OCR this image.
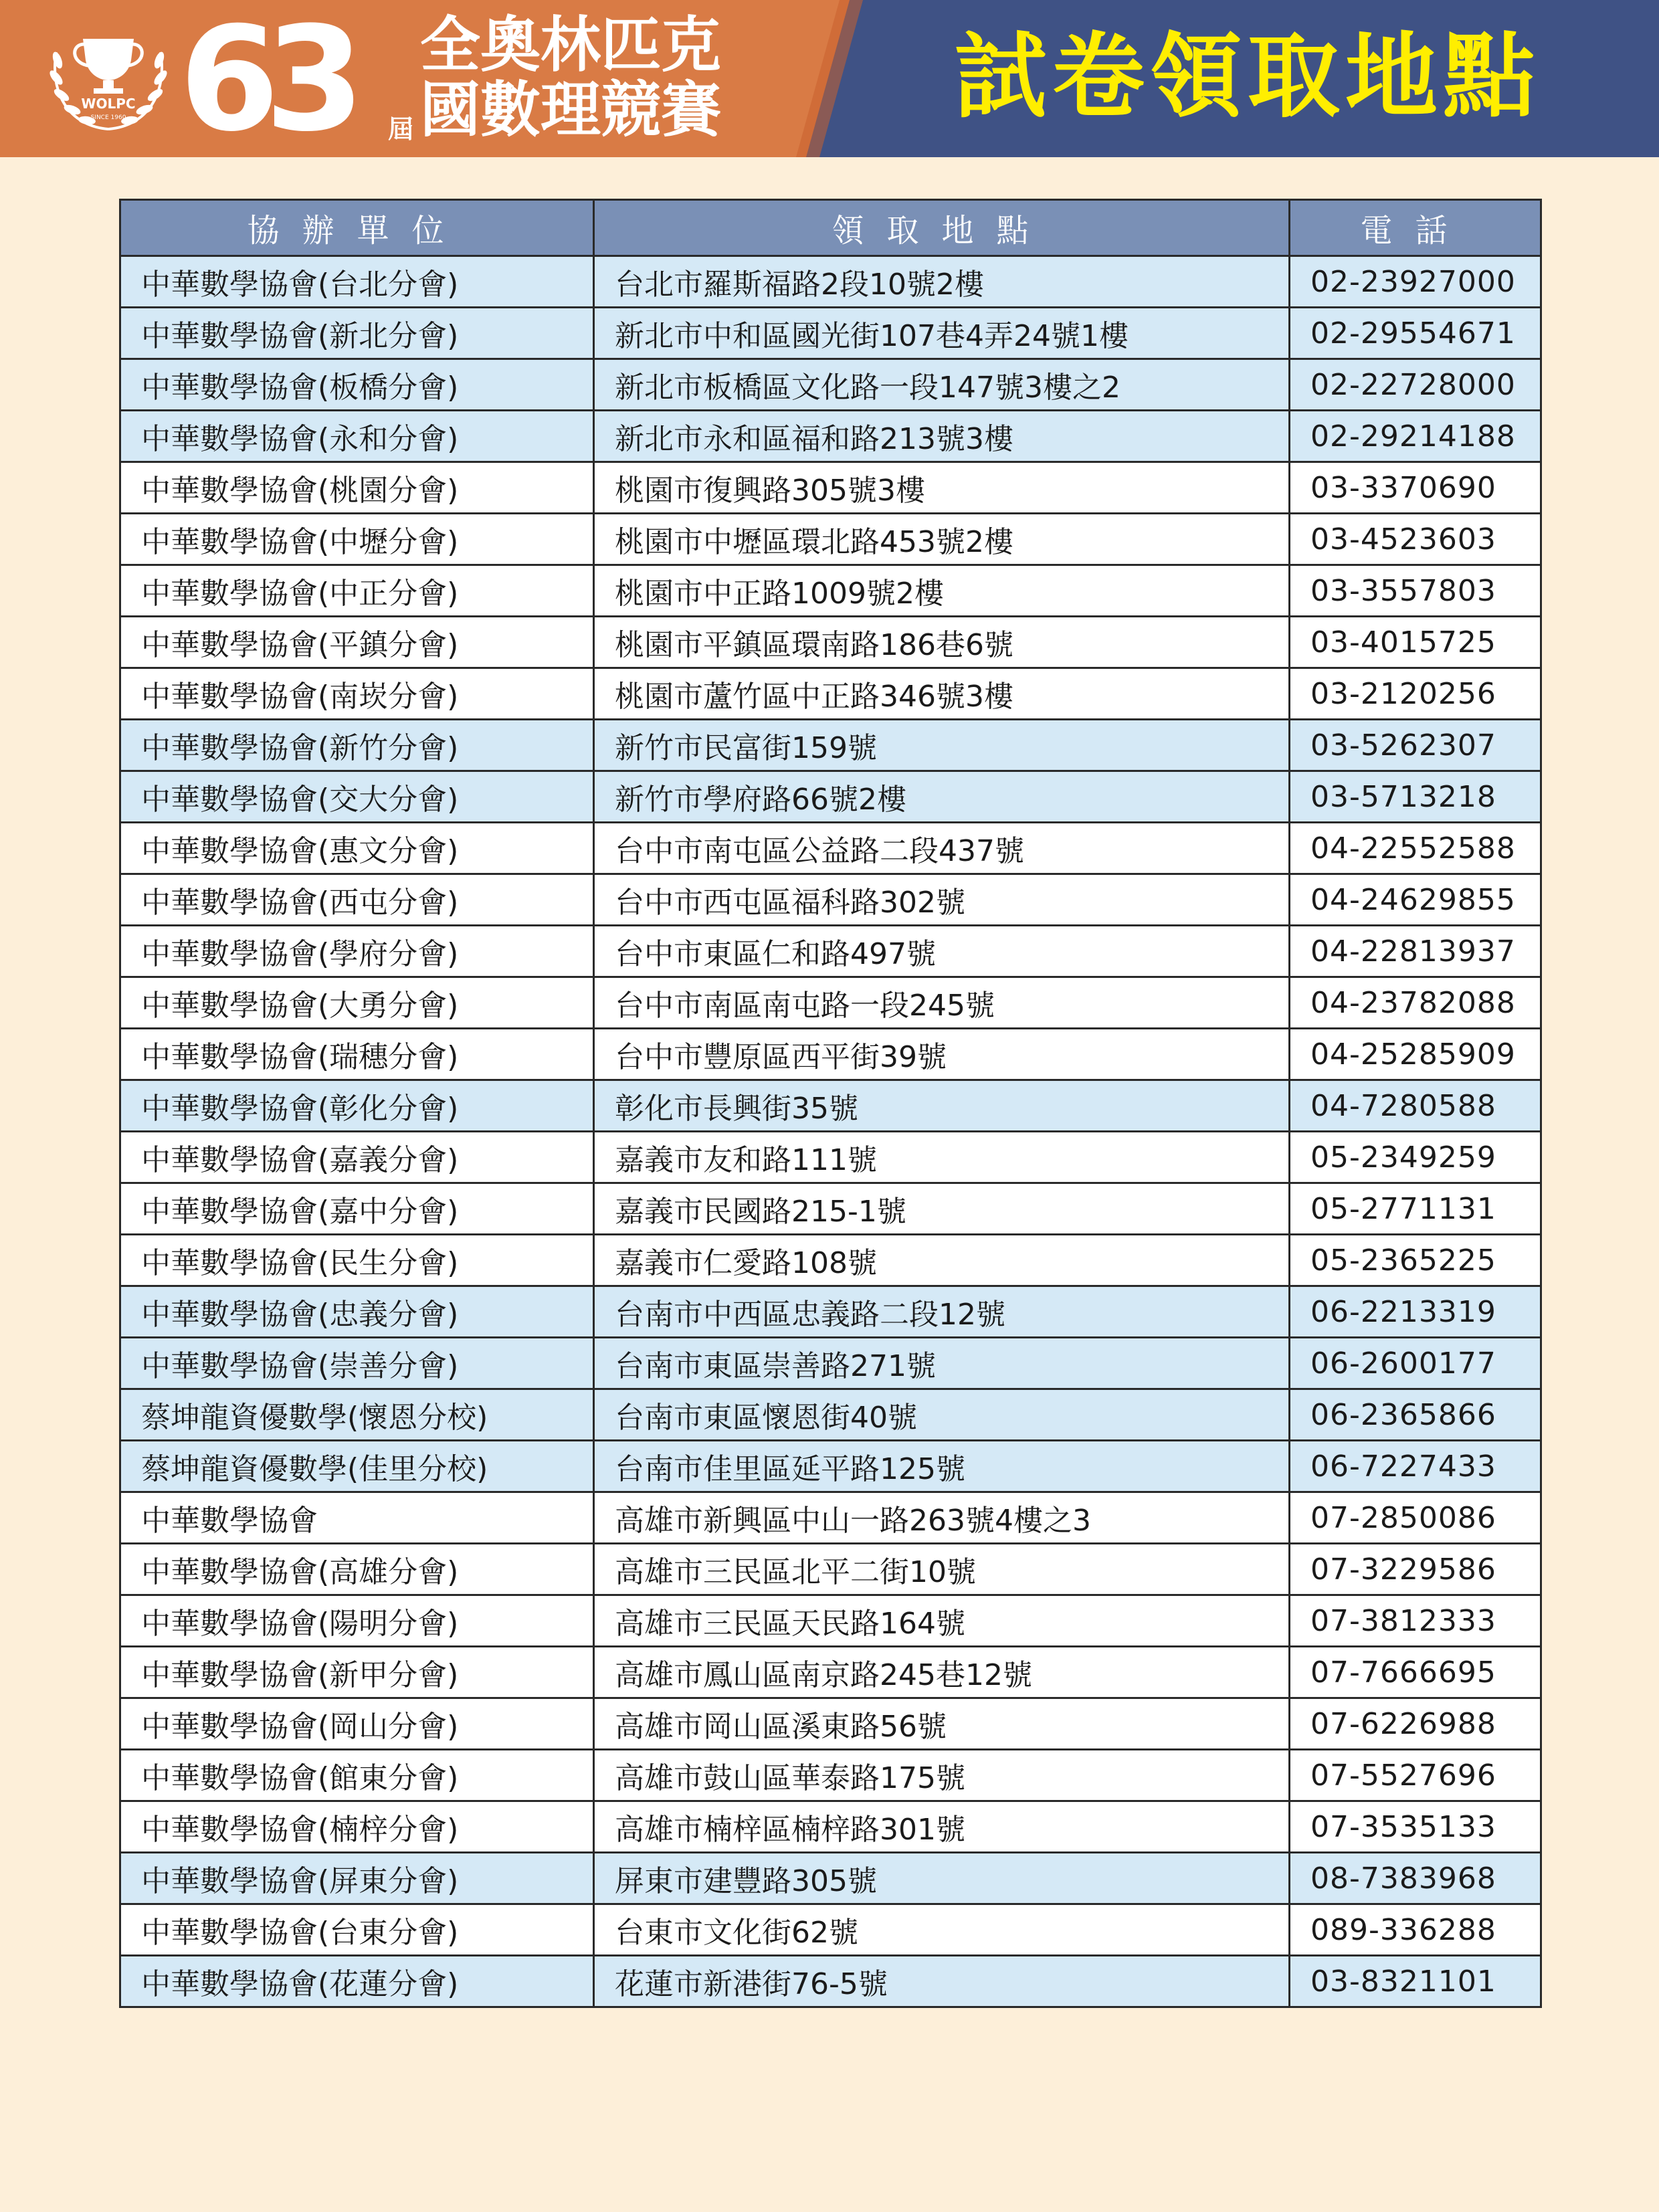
WOLPC
SINCE 1960 63	屆
全奧林匹克
國數理競賽	試卷領取地點
協辦單位	領取地點	電話
中華數學協會(台北分會)	台北市羅斯福路2段10號2樓	02-23927000
中華數學協會(新北分會)	新北市中和區國光街107巷4弄24號1樓	02-29554671
中華數學協會(板橋分會)	新北市板橋區文化路一段147號3樓之2	02-22728000
中華數學協會(永和分會)	新北市永和區福和路213號3樓	02-29214188
中華數學協會(桃園分會)	桃園市復興路305號3樓	03-3370690
中華數學協會(中壢分會)	桃園市中壢區環北路453號2樓	03-4523603
中華數學協會(中正分會)	桃園市中正路1009號2樓	03-3557803
中華數學協會(平鎮分會)	桃園市平鎮區環南路186巷6號	03-4015725
中華數學協會(南崁分會)	桃園市蘆竹區中正路346號3樓	03-2120256
中華數學協會(新竹分會)	新竹市民富街159號	03-5262307
中華數學協會(交大分會)	新竹市學府路66號2樓	03-5713218
中華數學協會(惠文分會)	台中市南屯區公益路二段437號	04-22552588
中華數學協會(西屯分會)	台中市西屯區福科路302號	04-24629855
中華數學協會(學府分會)	台中市東區仁和路497號	04-22813937
中華數學協會(大勇分會)	台中市南區南屯路一段245號	04-23782088
中華數學協會(瑞穗分會)	台中市豐原區西平街39號	04-25285909
中華數學協會(彰化分會)	彰化市長興街35號	04-7280588
中華數學協會(嘉義分會)	嘉義市友和路111號	05-2349259
中華數學協會(嘉中分會)	嘉義市民國路215-1號	05-2771131
中華數學協會(民生分會)	嘉義市仁愛路108號	05-2365225
中華數學協會(忠義分會)	台南市中西區忠義路二段12號	06-2213319
中華數學協會(崇善分會)	台南市東區崇善路271號	06-2600177
蔡坤龍資優數學(懷恩分校)	台南市東區懷恩街40號	06-2365866
蔡坤龍資優數學(佳里分校)	台南市佳里區延平路125號	06-7227433
中華數學協會	高雄市新興區中山一路263號4樓之3	07-2850086
中華數學協會(高雄分會)	高雄市三民區北平二街10號	07-3229586
中華數學協會(陽明分會)	高雄市三民區天民路164號	07-3812333
中華數學協會(新甲分會)	高雄市鳳山區南京路245巷12號	07-7666695
中華數學協會(岡山分會)	高雄市岡山區溪東路56號	07-6226988
中華數學協會(館東分會)	高雄市鼓山區華泰路175號	07-5527696
中華數學協會(楠梓分會)	高雄市楠梓區楠梓路301號	07-3535133
中華數學協會(屏東分會)	屏東市建豐路305號	08-7383968
中華數學協會(台東分會)	台東市文化街62號	089-336288
中華數學協會(花蓮分會)	花蓮市新港街76-5號	03-8321101
